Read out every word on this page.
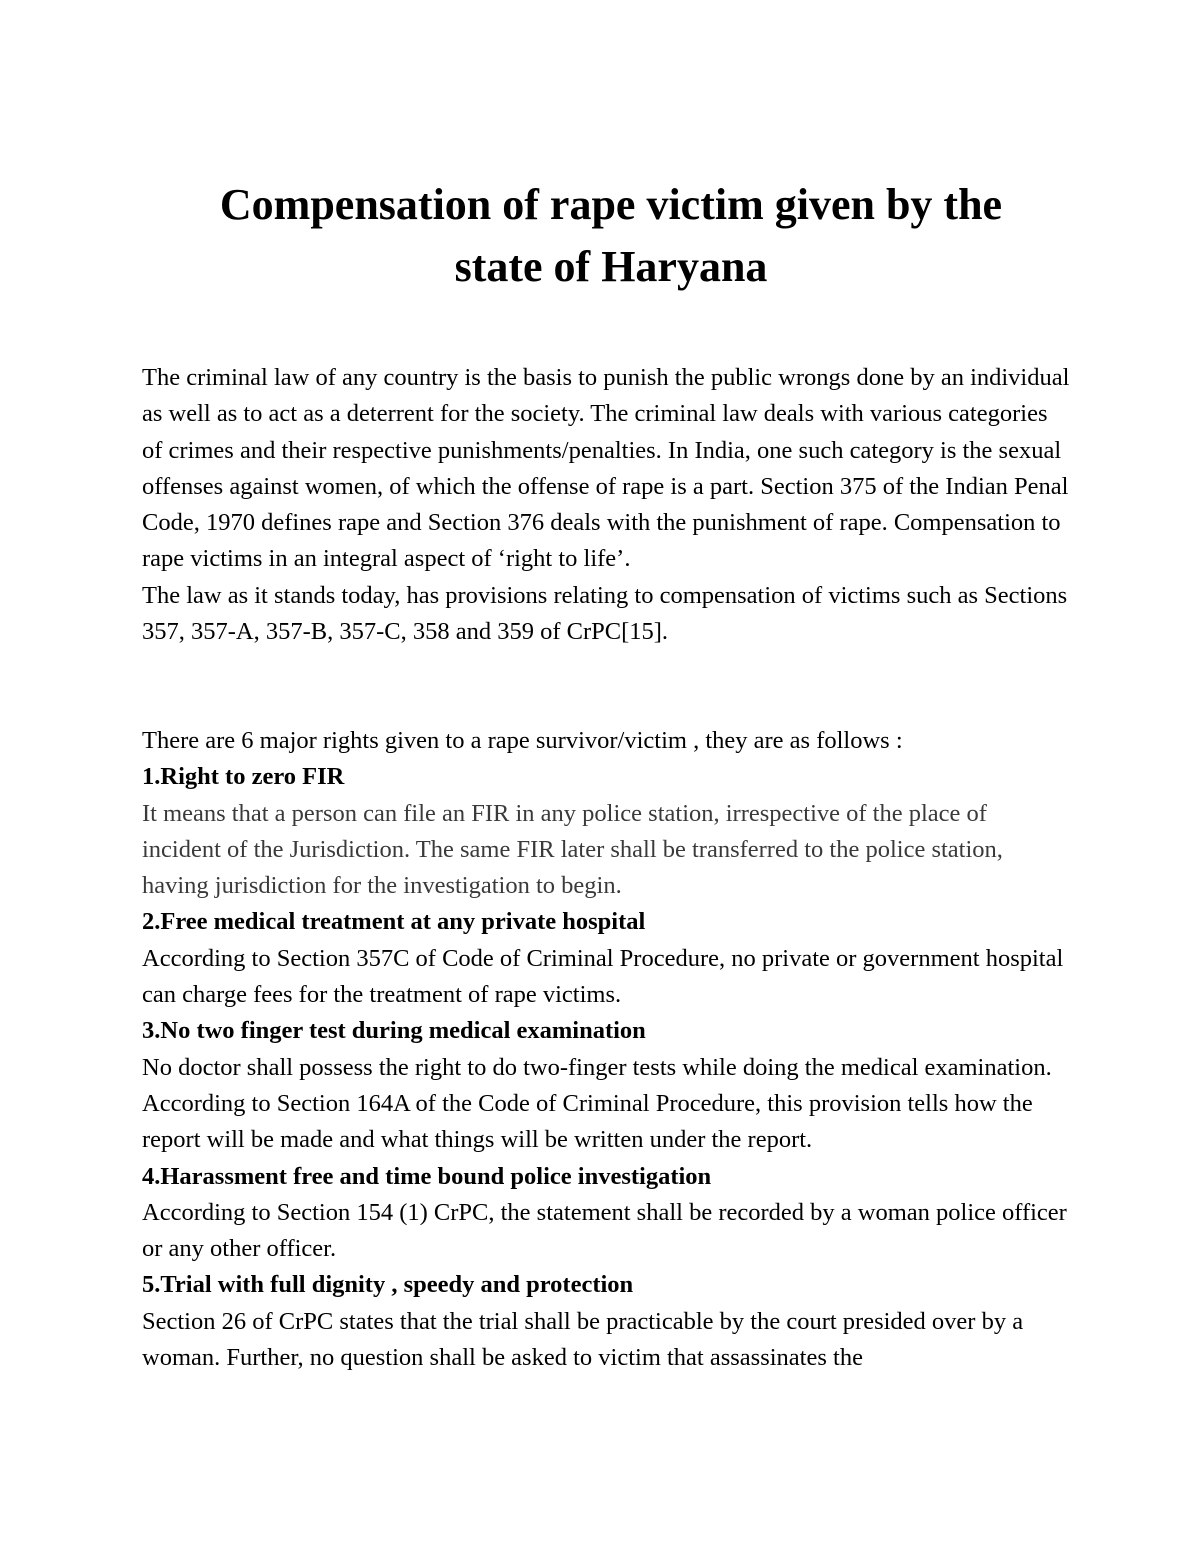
Compensation of rape victim given by the
state of Haryana

The criminal law of any country is the basis to punish the public wrongs done by an individual as well as to act as a deterrent for the society. The criminal law deals with various categories of crimes and their respective punishments/penalties. In India, one such category is the sexual offenses against women, of which the offense of rape is a part. Section 375 of the Indian Penal Code, 1970 defines rape and Section 376 deals with the punishment of rape. Compensation to rape victims in an integral aspect of ‘right to life’.

The law as it stands today, has provisions relating to compensation of victims such as Sections 357, 357-A, 357-B, 357-C, 358 and 359 of CrPC[15].

There are 6 major rights given to a rape survivor/victim , they are as follows :

1.Right to zero FIR

It means that a person can file an FIR in any police station, irrespective of the place of incident of the Jurisdiction. The same FIR later shall be transferred to the police station, having jurisdiction for the investigation to begin.

2.Free medical treatment at any private hospital

According to Section 357C of Code of Criminal Procedure, no private or government hospital can charge fees for the treatment of rape victims.

3.No two finger test during medical examination

No doctor shall possess the right to do two-finger tests while doing the medical examination. According to Section 164A of the Code of Criminal Procedure, this provision tells how the report will be made and what things will be written under the report.

4.Harassment free and time bound police investigation

According to Section 154 (1) CrPC, the statement shall be recorded by a woman police officer or any other officer.

5.Trial with full dignity , speedy and protection

Section 26 of CrPC states that the trial shall be practicable by the court presided over by a woman. Further, no question shall be asked to victim that assassinates the
